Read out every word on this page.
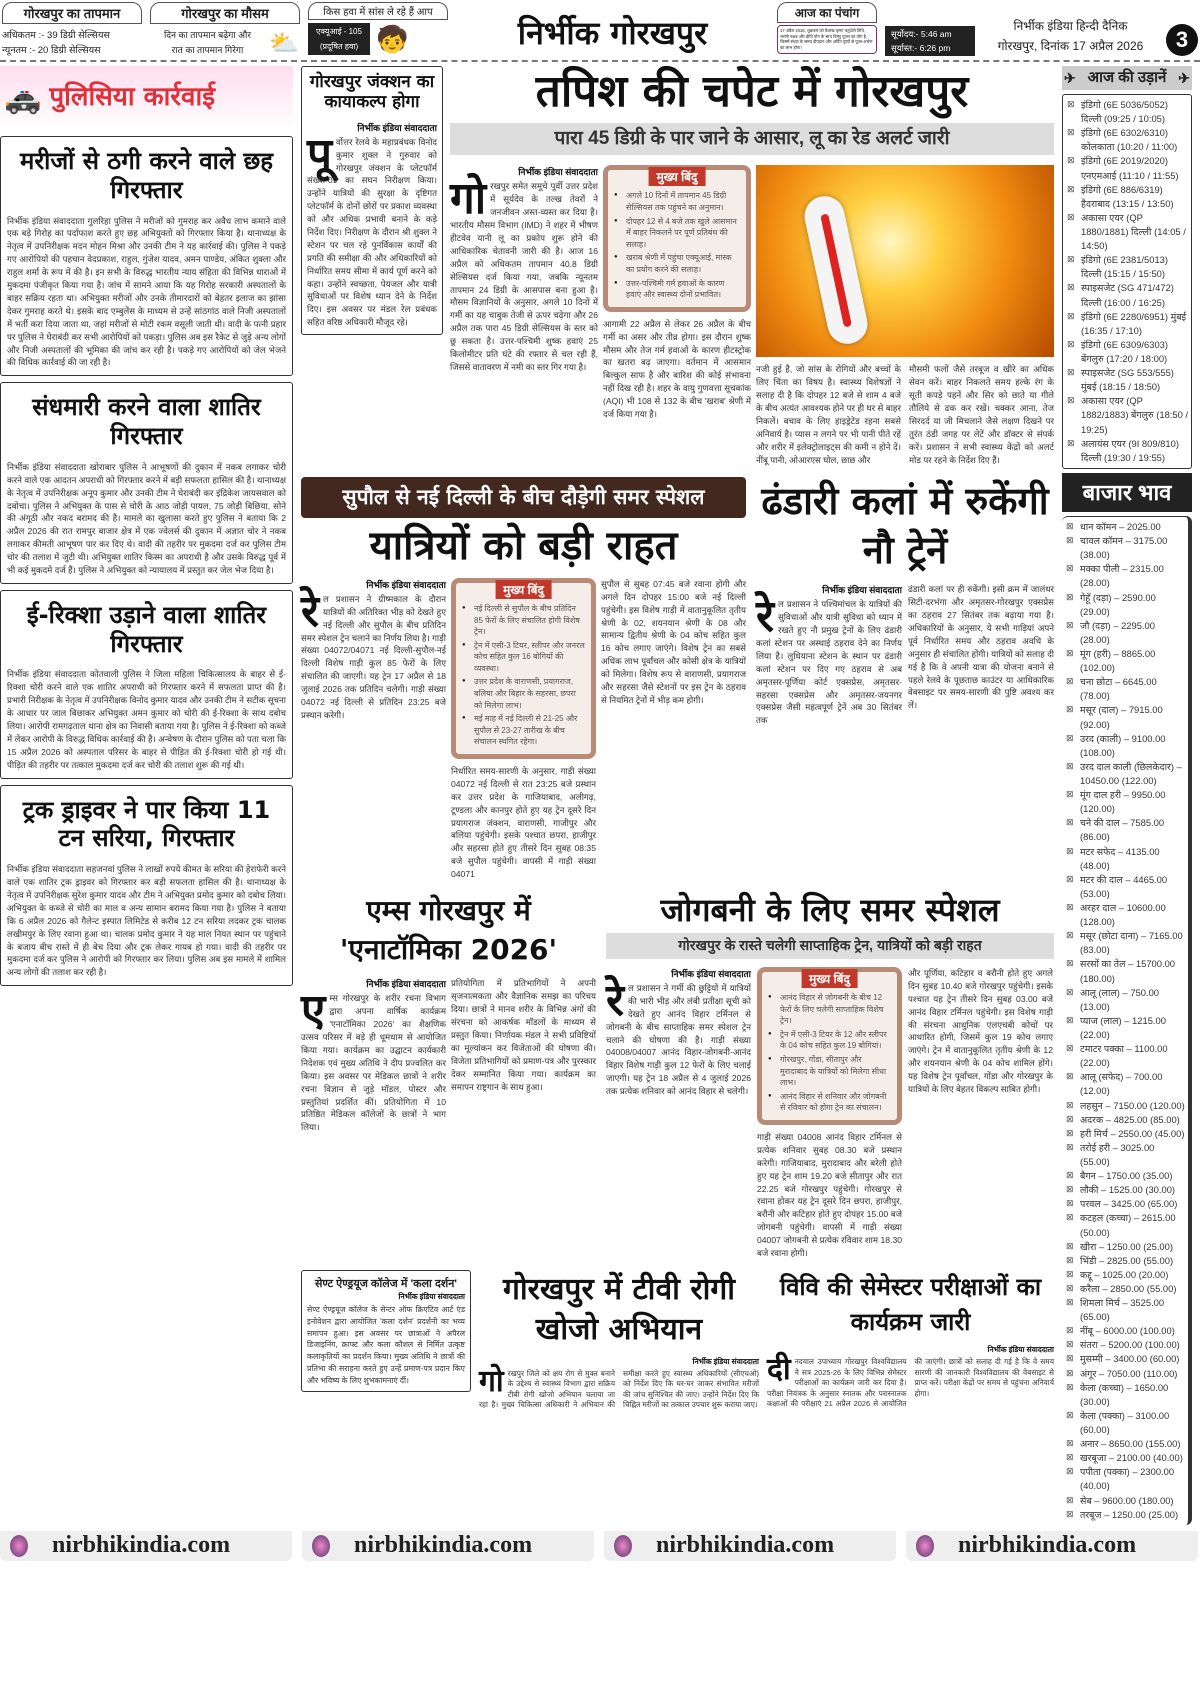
गोरखपुर का तापमान
अधिकतम :- 39 डिग्री सेल्सियस
न्यूनतम :- 20 डिग्री सेल्सियस
गोरखपुर का मौसम
दिन का तापमान बढ़ेगा और
रात का तापमान गिरेगा	⛅
किस हवा में सांस ले रहे हैं आप
एक्यूआई - 105
(प्रदूषित हवा) 🧒	निर्भीक गोरखपुर
आज का पंचांग
17 अप्रैल 2026, शुक्रवार को वैशाख कृष्ण चतुर्दशी तिथि, भरणी नक्षत्र और प्रीति योग के साथ विष्णु पूजन का योग है, जिसमें संध्या के समय दीपदान और अर्पित पुष्पों से पूजा-अर्चना का लाभ होगा।
सूर्योदय:- 5:46 am
सूर्यास्त:- 6:26 pm
निर्भीक इंडिया हिन्दी दैनिक
गोरखपुर, दिनांक 17 अप्रैल 2026	3
🚓 पुलिसिया कार्रवाई
मरीजों से ठगी करने वाले छह गिरफ्तार
निर्भीक इंडिया संवाददाता गुलरिहा पुलिस ने मरीजों को गुमराह कर अवैध लाभ कमाने वाले एक बड़े गिरोह का पर्दाफाश करते हुए छह अभियुक्तों को गिरफ्तार किया है। थानाध्यक्ष के नेतृत्व में उपनिरीक्षक मदन मोहन मिश्रा और उनकी टीम ने यह कार्रवाई की। पुलिस ने पकड़े गए आरोपियों की पहचान वेदप्रकाश, राहुल, गुंजेश यादव, अमन पाण्डेय, अंकित शुक्ला और राहुल शर्मा के रूप में की है। इन सभी के विरुद्ध भारतीय न्याय संहिता की विभिन्न धाराओं में मुकदमा पंजीकृत किया गया है। जांच में सामने आया कि यह गिरोह सरकारी अस्पतालों के बाहर सक्रिय रहता था। अभियुक्त मरीजों और उनके तीमारदारों को बेहतर इलाज का झांसा देकर गुमराह करते थे। इसके बाद एम्बुलेंस के माध्यम से उन्हें सांठगांठ वाले निजी अस्पतालों में भर्ती करा दिया जाता था, जहां मरीजों से मोटी रकम वसूली जाती थी। वादी के पत्नी प्रहार पर पुलिस ने घेराबंदी कर सभी आरोपियों को पकड़ा। पुलिस अब इस रैकेट से जुड़े अन्य लोगों और निजी अस्पतालों की भूमिका की जांच कर रही है। पकड़े गए आरोपियों को जेल भेजने की विधिक कार्रवाई की जा रही है।
संधमारी करने वाला शातिर गिरफ्तार
निर्भीक इंडिया संवाददाता खोराबार पुलिस ने आभूषणों की दुकान में नकब लगाकर चोरी करने वाले एक आदतन अपराधी को गिरफ्तार करने में बड़ी सफलता हासिल की है। थानाध्यक्ष के नेतृत्व में उपनिरीक्षक अनूप कुमार और उनकी टीम ने घेराबंदी कर इंद्रिकेश जायसवाल को दबोचा। पुलिस ने अभियुक्त के पास से चोरी के आठ जोड़ी पायल, 75 जोड़ी बिछिया, सोने की अंगूठी और नकद बरामद की है। मामले का खुलासा करते हुए पुलिस ने बताया कि 2 अप्रैल 2026 की रात रामपुर बाजार क्षेत्र में एक ज्वेलर्स की दुकान में अज्ञात चोर ने नकब लगाकर कीमती आभूषण पार कर दिए थे। वादी की तहरीर पर मुकदमा दर्ज कर पुलिस टीम चोर की तलाश में जुटी थी। अभियुक्त शातिर किस्म का अपराधी है और उसके विरुद्ध पूर्व में भी कई मुकदमे दर्ज हैं। पुलिस ने अभियुक्त को न्यायालय में प्रस्तुत कर जेल भेज दिया है।
ई-रिक्शा उड़ाने वाला शातिर गिरफ्तार
निर्भीक इंडिया संवाददाता कोतवाली पुलिस ने जिला महिला चिकित्सालय के बाहर से ई-रिक्शा चोरी करने वाले एक शातिर अपराधी को गिरफ्तार करने में सफलता प्राप्त की है। प्रभारी निरीक्षक के नेतृत्व में उपनिरीक्षक विनोद कुमार यादव और उनकी टीम ने सटीक सूचना के आधार पर जाल बिछाकर अभियुक्त अमन कुमार को चोरी की ई-रिक्शा के साथ दबोच लिया। आरोपी रामगढ़ताल थाना क्षेत्र का निवासी बताया गया है। पुलिस ने ई-रिक्शा को कब्जे में लेकर आरोपी के विरुद्ध विधिक कार्रवाई की है। अन्वेषण के दौरान पुलिस को पता चला कि 15 अप्रैल 2026 को अस्पताल परिसर के बाहर से पीड़ित की ई-रिक्शा चोरी हो गई थी। पीड़ित की तहरीर पर तत्काल मुकदमा दर्ज कर चोरी की तलाश शुरू की गई थी।
ट्रक ड्राइवर ने पार किया 11 टन सरिया, गिरफ्तार
निर्भीक इंडिया संवाददाता सहजनवां पुलिस ने लाखों रुपये कीमत के सरिया की हेराफेरी करने वाले एक शातिर ट्रक ड्राइवर को गिरफ्तार कर बड़ी सफलता हासिल की है। थानाध्यक्ष के नेतृत्व में उपनिरीक्षक सुरेश कुमार यादव और टीम ने अभियुक्त प्रमोद कुमार को दबोच लिया। अभियुक्त के कब्जे से चोरी का माल व अन्य सामान बरामद किया गया है। पुलिस ने बताया कि 6 अप्रैल 2026 को गैलेन्ट इस्पात लिमिटेड से करीब 12 टन सरिया लदकर ट्रक चालक लखीमपुर के लिए रवाना हुआ था। चालक प्रमोद कुमार ने यह माल नियत स्थान पर पहुंचाने के बजाय बीच रास्ते में ही बेच दिया और ट्रक लेकर गायब हो गया। वादी की तहरीर पर मुकदमा दर्ज कर पुलिस ने आरोपी को गिरफ्तार कर लिया। पुलिस अब इस मामले में शामिल अन्य लोगों की तलाश कर रही है।
गोरखपुर जंक्शन का कायाकल्प होगा
निर्भीक इंडिया संवाददाता
पूर्वोत्तर रेलवे के महाप्रबंधक विनोद कुमार शुक्ल ने गुरुवार को गोरखपुर जंक्शन के प्लेटफॉर्म संख्या-09 का सघन निरीक्षण किया। उन्होंने यात्रियों की सुरक्षा के दृष्टिगत प्लेटफॉर्म के दोनों छोरों पर प्रकाश व्यवस्था को और अधिक प्रभावी बनाने के कड़े निर्देश दिए। निरीक्षण के दौरान श्री शुक्ल ने स्टेशन पर चल रहे पुनर्विकास कार्यों की प्रगति की समीक्षा की और अधिकारियों को निर्धारित समय सीमा में कार्य पूर्ण करने को कहा। उन्होंने स्वच्छता, पेयजल और यात्री सुविधाओं पर विशेष ध्यान देने के निर्देश दिए। इस अवसर पर मंडल रेल प्रबंधक सहित वरिष्ठ अधिकारी मौजूद रहे।
तपिश की चपेट में गोरखपुर
पारा 45 डिग्री के पार जाने के आसार, लू का रेड अलर्ट जारी
निर्भीक इंडिया संवाददाता
गोरखपुर समेत समूचे पूर्वी उत्तर प्रदेश में सूर्यदेव के तल्ख तेवरों ने जनजीवन अस्त-व्यस्त कर दिया है। भारतीय मौसम विभाग (IMD) ने शहर में भीषण हीटवेव यानी लू का प्रकोप शुरू होने की आधिकारिक चेतावनी जारी की है। आज 16 अप्रैल को अधिकतम तापमान 40.8 डिग्री सेल्सियस दर्ज किया गया, जबकि न्यूनतम तापमान 24 डिग्री के आसपास बना हुआ है। मौसम विज्ञानियों के अनुसार, अगले 10 दिनों में गर्मी का यह चाबुक तेजी से ऊपर चढ़ेगा और 26 अप्रैल तक पारा 45 डिग्री सेल्सियस के स्तर को छू सकता है। उत्तर-पश्चिमी शुष्क हवाएं 25 किलोमीटर प्रति घंटे की रफ्तार से चल रही हैं, जिससे वातावरण में नमी का स्तर गिर गया है।
मुख्य बिंदु
● अगले 10 दिनों में तापमान 45 डिग्री सेल्सियस तक पहुंचने का अनुमान।
● दोपहर 12 से 4 बजे तक खुले आसमान में बाहर निकलने पर पूर्ण प्रतिबंध की सलाह।
● खराब श्रेणी में पहुंचा एक्यूआई, मास्क का प्रयोग करने की सलाह।
● उत्तर-पश्चिमी गर्म हवाओं के कारण हवाएं और स्वास्थ्य दोनों प्रभावित।
आगामी 22 अप्रैल से लेकर 26 अप्रैल के बीच गर्मी का असर और तीव्र होगा। इस दौरान शुष्क मौसम और तेज गर्म हवाओं के कारण हीटस्ट्रोक का खतरा बढ़ जाएगा। वर्तमान में आसमान बिल्कुल साफ है और बारिश की कोई संभावना नहीं दिख रही है। शहर के वायु गुणवत्ता सूचकांक (AQI) भी 108 से 132 के बीच 'खराब' श्रेणी में दर्ज किया गया है।
नजी हुई है, जो सांस के रोगियों और बच्चों के लिए चिंता का विषय है। स्वास्थ्य विशेषज्ञों ने सलाह दी है कि दोपहर 12 बजे से शाम 4 बजे के बीच अत्यंत आवश्यक होने पर ही घर से बाहर निकलें। बचाव के लिए हाइड्रेटेड रहना सबसे अनिवार्य है। प्यास न लगने पर भी पानी पीते रहें और शरीर में इलेक्ट्रोलाइट्स की कमी न होने दें। नींबू पानी, ओआरएस घोल, छाछ और
मौसमी फलों जैसे तरबूज व खीरे का अधिक सेवन करें। बाहर निकलते समय हल्के रंग के सूती कपड़े पहनें और सिर को छाते या गीले तौलिये से ढक कर रखें। चक्कर आना, तेज सिरदर्द या जी मिचलाने जैसे लक्षण दिखने पर तुरंत ठंडी जगह पर लेटें और डॉक्टर से संपर्क करें। प्रशासन ने सभी स्वास्थ्य केंद्रों को अलर्ट मोड पर रहने के निर्देश दिए हैं।
सुपौल से नई दिल्ली के बीच दौड़ेगी समर स्पेशल
यात्रियों को बड़ी राहत
निर्भीक इंडिया संवाददाता
रेल प्रशासन ने ग्रीष्मकाल के दौरान यात्रियों की अतिरिक्त भीड़ को देखते हुए नई दिल्ली और सुपौल के बीच प्रतिदिन समर स्पेशल ट्रेन चलाने का निर्णय लिया है। गाड़ी संख्या 04072/04071 नई दिल्ली-सुपौल-नई दिल्ली विशेष गाड़ी कुल 85 फेरों के लिए संचालित की जाएगी। यह ट्रेन 17 अप्रैल से 18 जुलाई 2026 तक प्रतिदिन चलेगी। गाड़ी संख्या 04072 नई दिल्ली से प्रतिदिन 23:25 बजे प्रस्थान करेगी।
मुख्य बिंदु
● नई दिल्ली से सुपौल के बीच प्रतिदिन 85 फेरों के लिए संचालित होगी विशेष ट्रेन।
● ट्रेन में एसी-3 टियर, स्लीपर और जनरल कोच सहित कुल 16 बोगियों की व्यवस्था।
● उत्तर प्रदेश के वाराणसी, प्रयागराज, बलिया और बिहार के सहरसा, छपरा को मिलेगा लाभ।
● मई माह में नई दिल्ली से 21-25 और सुपौल से 23-27 तारीख के बीच संचालन स्थगित रहेगा।
निर्धारित समय-सारणी के अनुसार, गाड़ी संख्या 04072 नई दिल्ली से रात 23:25 बजे प्रस्थान कर उत्तर प्रदेश के गाजियाबाद, अलीगढ़, टूण्डला और कानपुर होते हुए यह ट्रेन दूसरे दिन प्रयागराज जंक्शन, वाराणसी, गाजीपुर और बलिया पहुंचेगी। इसके पश्चात छपरा, हाजीपुर और सहरसा होते हुए तीसरे दिन सुबह 08:35 बजे सुपौल पहुंचेगी। वापसी में गाड़ी संख्या 04071
सुपौल से सुबह 07:45 बजे रवाना होगी और अगले दिन दोपहर 15:00 बजे नई दिल्ली पहुंचेगी। इस विशेष गाड़ी में वातानुकूलित तृतीय श्रेणी के 02, शयनयान श्रेणी के 08 और सामान्य द्वितीय श्रेणी के 04 कोच सहित कुल 16 कोच लगाए जाएंगे। विशेष ट्रेन का सबसे अधिक लाभ पूर्वांचल और कोसी क्षेत्र के यात्रियों को मिलेगा। विशेष रूप से वाराणसी, प्रयागराज और सहरसा जैसे स्टेशनों पर इस ट्रेन के ठहराव से नियमित ट्रेनों में भीड़ कम होगी।
ढंडारी कलां में रुकेंगी नौ ट्रेनें
निर्भीक इंडिया संवाददाता
रेल प्रशासन ने पश्चिमांचल के यात्रियों की सुविधाओं और यात्री सुविधा को ध्यान में रखते हुए नौ प्रमुख ट्रेनों के लिए ढंडारी कलां स्टेशन पर अस्थाई ठहराव देने का निर्णय लिया है। लुधियाना स्टेशन के स्थान पर ढंडारी कलां स्टेशन पर दिए गए ठहराव से अब अमृतसर-पूर्णिया कोर्ट एक्सप्रेस, अमृतसर-सहरसा एक्सप्रेस और अमृतसर-जयनगर एक्सप्रेस जैसी महत्वपूर्ण ट्रेनें अब 30 सितंबर तक
ढंडारी कलां पर ही रुकेंगी। इसी क्रम में जालंधर सिटी-दरभंगा और अमृतसर-गोरखपुर एक्सप्रेस का ठहराव 27 सितंबर तक बढ़ाया गया है। अधिकारियों के अनुसार, ये सभी गाड़ियां अपने पूर्व निर्धारित समय और ठहराव अवधि के अनुसार ही संचालित होंगी। यात्रियों को सलाह दी गई है कि वे अपनी यात्रा की योजना बनाने से पहले रेलवे के पूछताछ काउंटर या आधिकारिक वेबसाइट पर समय-सारणी की पुष्टि अवश्य कर लें।
एम्स गोरखपुर में 'एनाटॉमिका 2026'
निर्भीक इंडिया संवाददाता
एम्स गोरखपुर के शरीर रचना विभाग द्वारा अपना वार्षिक कार्यक्रम 'एनाटॉमिका 2026' का शैक्षणिक उत्सव परिसर में बड़े ही धूमधाम से आयोजित किया गया। कार्यक्रम का उद्घाटन कार्यकारी निदेशक एवं मुख्य अतिथि ने दीप प्रज्वलित कर किया। इस अवसर पर मेडिकल छात्रों ने शरीर रचना विज्ञान से जुड़े मॉडल, पोस्टर और प्रस्तुतियां प्रदर्शित कीं। प्रतियोगिता में 10 प्रतिष्ठित मेडिकल कॉलेजों के छात्रों ने भाग लिया।
प्रतियोगिता में प्रतिभागियों ने अपनी सृजनात्मकता और वैज्ञानिक समझ का परिचय दिया। छात्रों ने मानव शरीर के विभिन्न अंगों की संरचना को आकर्षक मॉडलों के माध्यम से प्रस्तुत किया। निर्णायक मंडल ने सभी प्रविष्टियों का मूल्यांकन कर विजेताओं की घोषणा की। विजेता प्रतिभागियों को प्रमाण-पत्र और पुरस्कार देकर सम्मानित किया गया। कार्यक्रम का समापन राष्ट्रगान के साथ हुआ।
जोगबनी के लिए समर स्पेशल
गोरखपुर के रास्ते चलेगी साप्ताहिक ट्रेन, यात्रियों को बड़ी राहत
निर्भीक इंडिया संवाददाता
रेल प्रशासन ने गर्मी की छुट्टियों में यात्रियों की भारी भीड़ और लंबी प्रतीक्षा सूची को देखते हुए आनंद विहार टर्मिनल से जोगबनी के बीच साप्ताहिक समर स्पेशल ट्रेन चलाने की घोषणा की है। गाड़ी संख्या 04008/04007 आनंद विहार-जोगबनी-आनंद विहार विशेष गाड़ी कुल 12 फेरों के लिए चलाई जाएगी। यह ट्रेन 18 अप्रैल से 4 जुलाई 2026 तक प्रत्येक शनिवार को आनंद विहार से चलेगी।
मुख्य बिंदु
● आनंद विहार से जोगबनी के बीच 12 फेरों के लिए चलेगी साप्ताहिक विशेष ट्रेन।
● ट्रेन में एसी-3 टियर के 12 और स्लीपर के 04 कोच सहित कुल 19 बोगियां।
● गोरखपुर, गोंडा, सीतापुर और मुरादाबाद के यात्रियों को मिलेगा सीधा लाभ।
● आनंद विहार से शनिवार और जोगबनी से रविवार को होगा ट्रेन का संचालन।
गाड़ी संख्या 04008 आनंद विहार टर्मिनल से प्रत्येक शनिवार सुबह 08.30 बजे प्रस्थान करेगी। गाजियाबाद, मुरादाबाद और बरेली होते हुए यह ट्रेन शाम 19.20 बजे सीतापुर और रात 22.25 बजे गोरखपुर पहुंचेगी। गोरखपुर से रवाना होकर यह ट्रेन दूसरे दिन छपरा, हाजीपुर, बरौनी और कटिहार होते हुए दोपहर 15.00 बजे जोगबनी पहुंचेगी। वापसी में गाड़ी संख्या 04007 जोगबनी से प्रत्येक रविवार शाम 18.30 बजे रवाना होगी।
और पूर्णिया, कटिहार व बरौनी होते हुए अगले दिन सुबह 10.40 बजे गोरखपुर पहुंचेगी। इसके पश्चात यह ट्रेन तीसरे दिन सुबह 03.00 बजे आनंद विहार टर्मिनल पहुंचेगी। इस विशेष गाड़ी की संरचना आधुनिक एलएचबी कोचों पर आधारित होगी, जिसमें कुल 19 कोच लगाए जाएंगे। ट्रेन में वातानुकूलित तृतीय श्रेणी के 12 और शयनयान श्रेणी के 04 कोच शामिल होंगे। यह विशेष ट्रेन पूर्वांचल, गोंडा और गोरखपुर के यात्रियों के लिए बेहतर विकल्प साबित होगी।
सेण्ट ऐण्ड्रयूज कॉलेज में 'कला दर्शन'
निर्भीक इंडिया संवाददाता
सेण्ट ऐण्ड्रयूज कॉलेज के सेन्टर ऑफ क्रिएटिव आर्ट एंड इनोवेशन द्वारा आयोजित 'कला दर्शन' प्रदर्शनी का भव्य समापन हुआ। इस अवसर पर छात्राओं ने अपैरल डिजाइनिंग, क्राफ्ट और कला कौशल से निर्मित उत्कृष्ट कलाकृतियों का प्रदर्शन किया। मुख्य अतिथि ने छात्रों की प्रतिभा की सराहना करते हुए उन्हें प्रमाण-पत्र प्रदान किए और भविष्य के लिए शुभकामनाएं दीं।
गोरखपुर में टीवी रोगी खोजो अभियान
निर्भीक इंडिया संवाददाता
गोरखपुर जिले को क्षय रोग से मुक्त बनाने के उद्देश्य से स्वास्थ्य विभाग द्वारा सक्रिय टीबी रोगी खोजो अभियान चलाया जा रहा है। मुख्य चिकित्सा अधिकारी ने अभियान की समीक्षा करते हुए स्वास्थ्य अधिकारियों (सीएचओ) को निर्देश दिए कि घर-घर जाकर संभावित मरीजों की जांच सुनिश्चित की जाए। उन्होंने निर्देश दिए कि चिह्नित मरीजों का तत्काल उपचार शुरू कराया जाए।
विवि की सेमेस्टर परीक्षाओं का कार्यक्रम जारी
निर्भीक इंडिया संवाददाता
दीनदयाल उपाध्याय गोरखपुर विश्वविद्यालय ने सत्र 2025-26 के लिए विभिन्न सेमेस्टर परीक्षाओं का कार्यक्रम जारी कर दिया है। परीक्षा नियंत्रक के अनुसार स्नातक और परास्नातक कक्षाओं की परीक्षाएं 21 अप्रैल 2026 से आयोजित की जाएंगी। छात्रों को सलाह दी गई है कि वे समय सारणी की जानकारी विश्वविद्यालय की वेबसाइट से प्राप्त करें। परीक्षा केंद्रों पर समय से पहुंचना अनिवार्य होगा।
✈ आज की उड़ानें ✈
⊠ इंडिगो (6E 5036/5052) दिल्ली (09:25 / 10:05)
⊠ इंडिगो (6E 6302/6310) कोलकाता (10:20 / 11:00)
⊠ इंडिगो (6E 2019/2020) एनएमआई (11:10 / 11:55)
⊠ इंडिगो (6E 886/6319) हैदराबाद (13:15 / 13:50)
⊠ अकासा एयर (QP 1880/1881) दिल्ली (14:05 / 14:50)
⊠ इंडिगो (6E 2381/5013) दिल्ली (15:15 / 15:50)
⊠ स्पाइसजेट (SG 471/472) दिल्ली (16:00 / 16:25)
⊠ इंडिगो (6E 2280/6951) मुंबई (16:35 / 17:10)
⊠ इंडिगो (6E 6309/6303) बेंगलुरु (17:20 / 18:00)
⊠ स्पाइसजेट (SG 553/555) मुंबई (18:15 / 18:50)
⊠ अकासा एयर (QP 1882/1883) बेंगलुरु (18:50 / 19:25)
⊠ अलायंस एयर (9I 809/810) दिल्ली (19:30 / 19:55)
बाजार भाव
⊠ धान कॉमन – 2025.00
⊠ चावल कॉमन – 3175.00 (38.00)
⊠ मक्का पीली – 2315.00 (28.00)
⊠ गेहूँ (दड़ा) – 2590.00 (29.00)
⊠ जौ (दड़ा) – 2295.00 (28.00)
⊠ मूंग (हरी) – 8865.00 (102.00)
⊠ चना छोटा – 6645.00 (78.00)
⊠ मसूर (दाल) – 7915.00 (92.00)
⊠ उरद (काली) – 9100.00 (108.00)
⊠ उरद दाल काली (छिलकेदार) – 10450.00 (122.00)
⊠ मूंग दाल हरी – 9950.00 (120.00)
⊠ चने की दाल – 7585.00 (86.00)
⊠ मटर सफेद – 4135.00 (48.00)
⊠ मटर की दाल – 4465.00 (53.00)
⊠ अरहर दाल – 10600.00 (128.00)
⊠ मसूर (छोटा दाना) – 7165.00 (83.00)
⊠ सरसों का तेल – 15700.00 (180.00)
⊠ आलू (लाल) – 750.00 (13.00)
⊠ प्याज (लाल) – 1215.00 (22.00)
⊠ टमाटर पक्का – 1100.00 (22.00)
⊠ आलू (सफेद) – 700.00 (12.00)
⊠ लहसुन – 7150.00 (120.00)
⊠ अदरक – 4825.00 (85.00)
⊠ हरी मिर्च – 2550.00 (45.00)
⊠ तरोई हरी – 3025.00 (55.00)
⊠ बैगन – 1750.00 (35.00)
⊠ लौकी – 1525.00 (30.00)
⊠ परवल – 3425.00 (65.00)
⊠ कटहल (कच्चा) – 2615.00 (50.00)
⊠ खीरा – 1250.00 (25.00)
⊠ भिंडी – 2825.00 (55.00)
⊠ कद्दू – 1025.00 (20.00)
⊠ करैला – 2850.00 (55.00)
⊠ शिमला मिर्च – 3525.00 (65.00)
⊠ नींबू – 6000.00 (100.00)
⊠ संतरा – 5200.00 (100.00)
⊠ मुसम्मी – 3400.00 (60.00)
⊠ अंगूर – 7050.00 (110.00)
⊠ केला (कच्चा) – 1650.00 (30.00)
⊠ केला (पक्का) – 3100.00 (60.00)
⊠ अनार – 8650.00 (155.00)
⊠ खरबूजा – 2100.00 (40.00)
⊠ पपीता (पक्का) – 2300.00 (40.00)
⊠ सेब – 9600.00 (180.00)
⊠ तरबूज – 1250.00 (25.00)
nirbhikindia.com	nirbhikindia.com	nirbhikindia.com	nirbhikindia.com
